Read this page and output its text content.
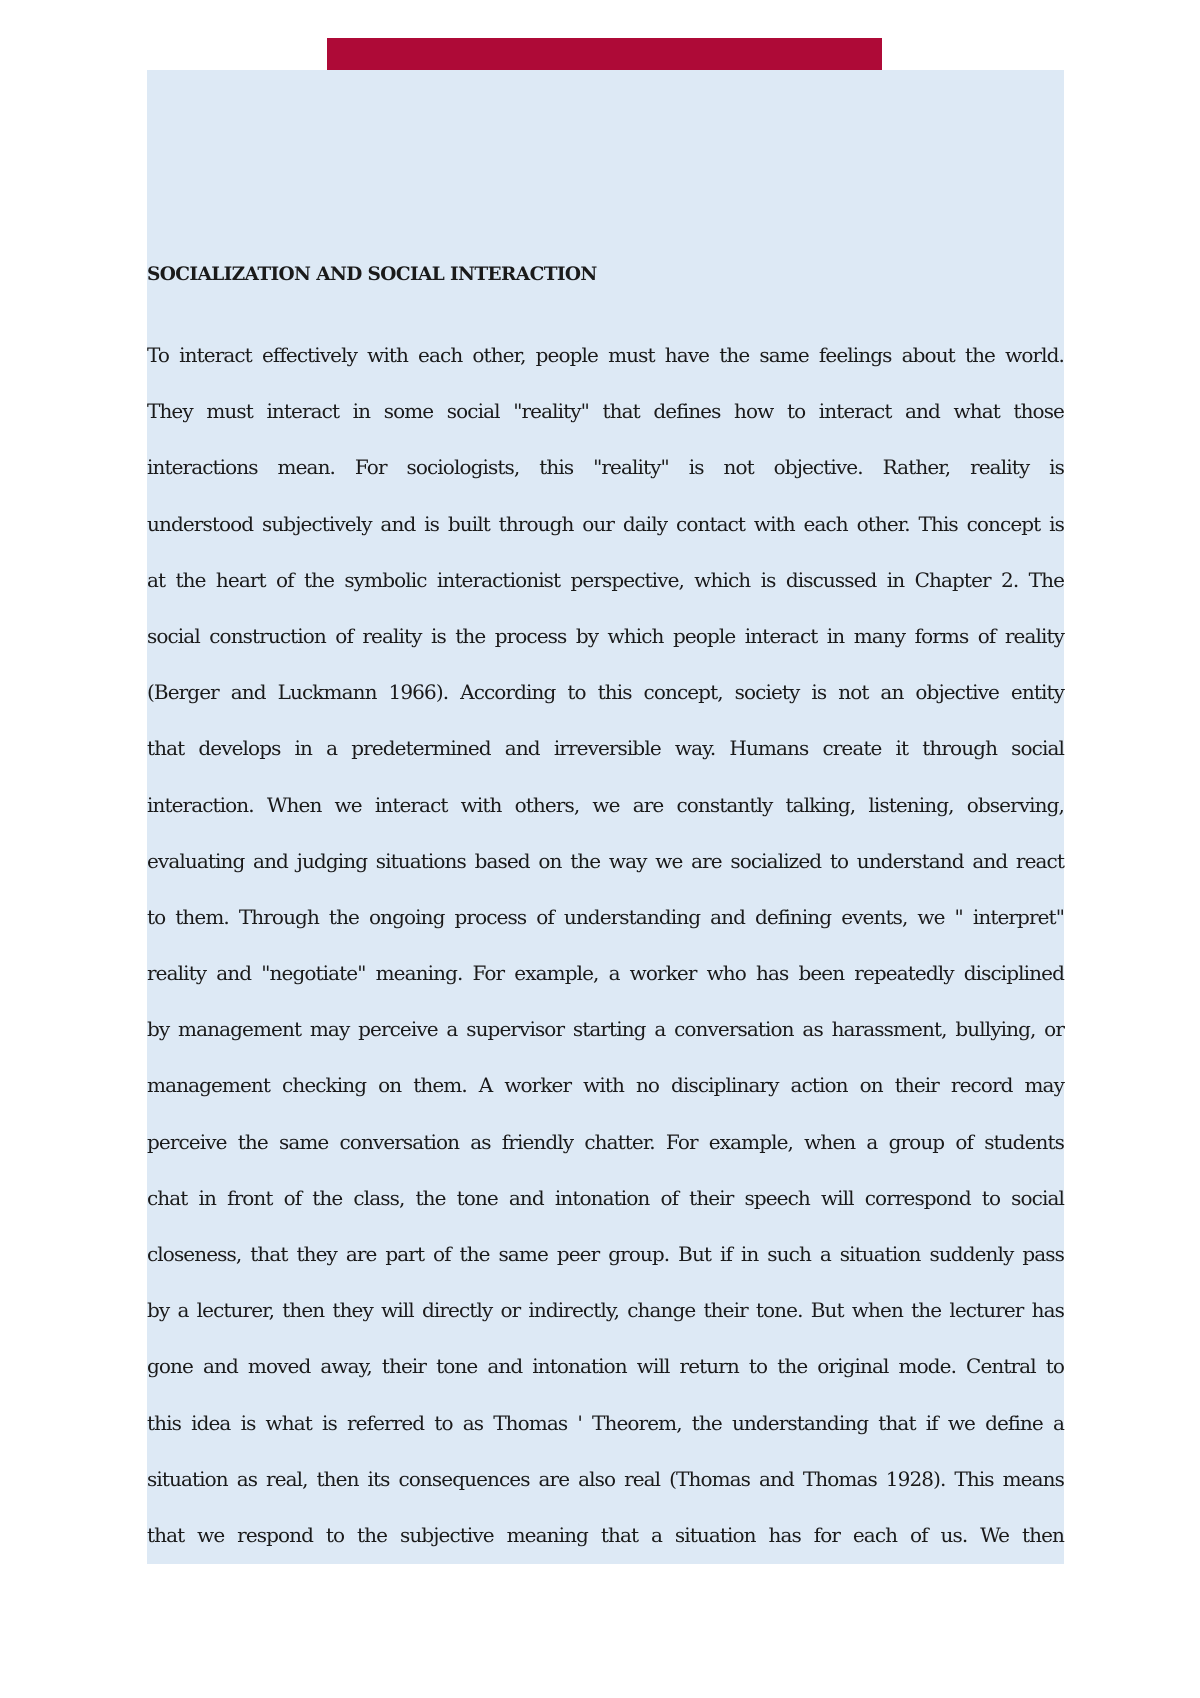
SOCIALIZATION AND SOCIAL INTERACTION
To interact effectively with each other, people must have the same feelings about the world.
They must interact in some social "reality" that defines how to interact and what those
interactions mean. For sociologists, this "reality" is not objective. Rather, reality is
understood subjectively and is built through our daily contact with each other. This concept is
at the heart of the symbolic interactionist perspective, which is discussed in Chapter 2. The
social construction of reality is the process by which people interact in many forms of reality
(Berger and Luckmann 1966). According to this concept, society is not an objective entity
that develops in a predetermined and irreversible way. Humans create it through social
interaction. When we interact with others, we are constantly talking, listening, observing,
evaluating and judging situations based on the way we are socialized to understand and react
to them. Through the ongoing process of understanding and defining events, we " interpret"
reality and "negotiate" meaning. For example, a worker who has been repeatedly disciplined
by management may perceive a supervisor starting a conversation as harassment, bullying, or
management checking on them. A worker with no disciplinary action on their record may
perceive the same conversation as friendly chatter. For example, when a group of students
chat in front of the class, the tone and intonation of their speech will correspond to social
closeness, that they are part of the same peer group. But if in such a situation suddenly pass
by a lecturer, then they will directly or indirectly, change their tone. But when the lecturer has
gone and moved away, their tone and intonation will return to the original mode. Central to
this idea is what is referred to as Thomas ' Theorem, the understanding that if we define a
situation as real, then its consequences are also real (Thomas and Thomas 1928). This means
that we respond to the subjective meaning that a situation has for each of us. We then
